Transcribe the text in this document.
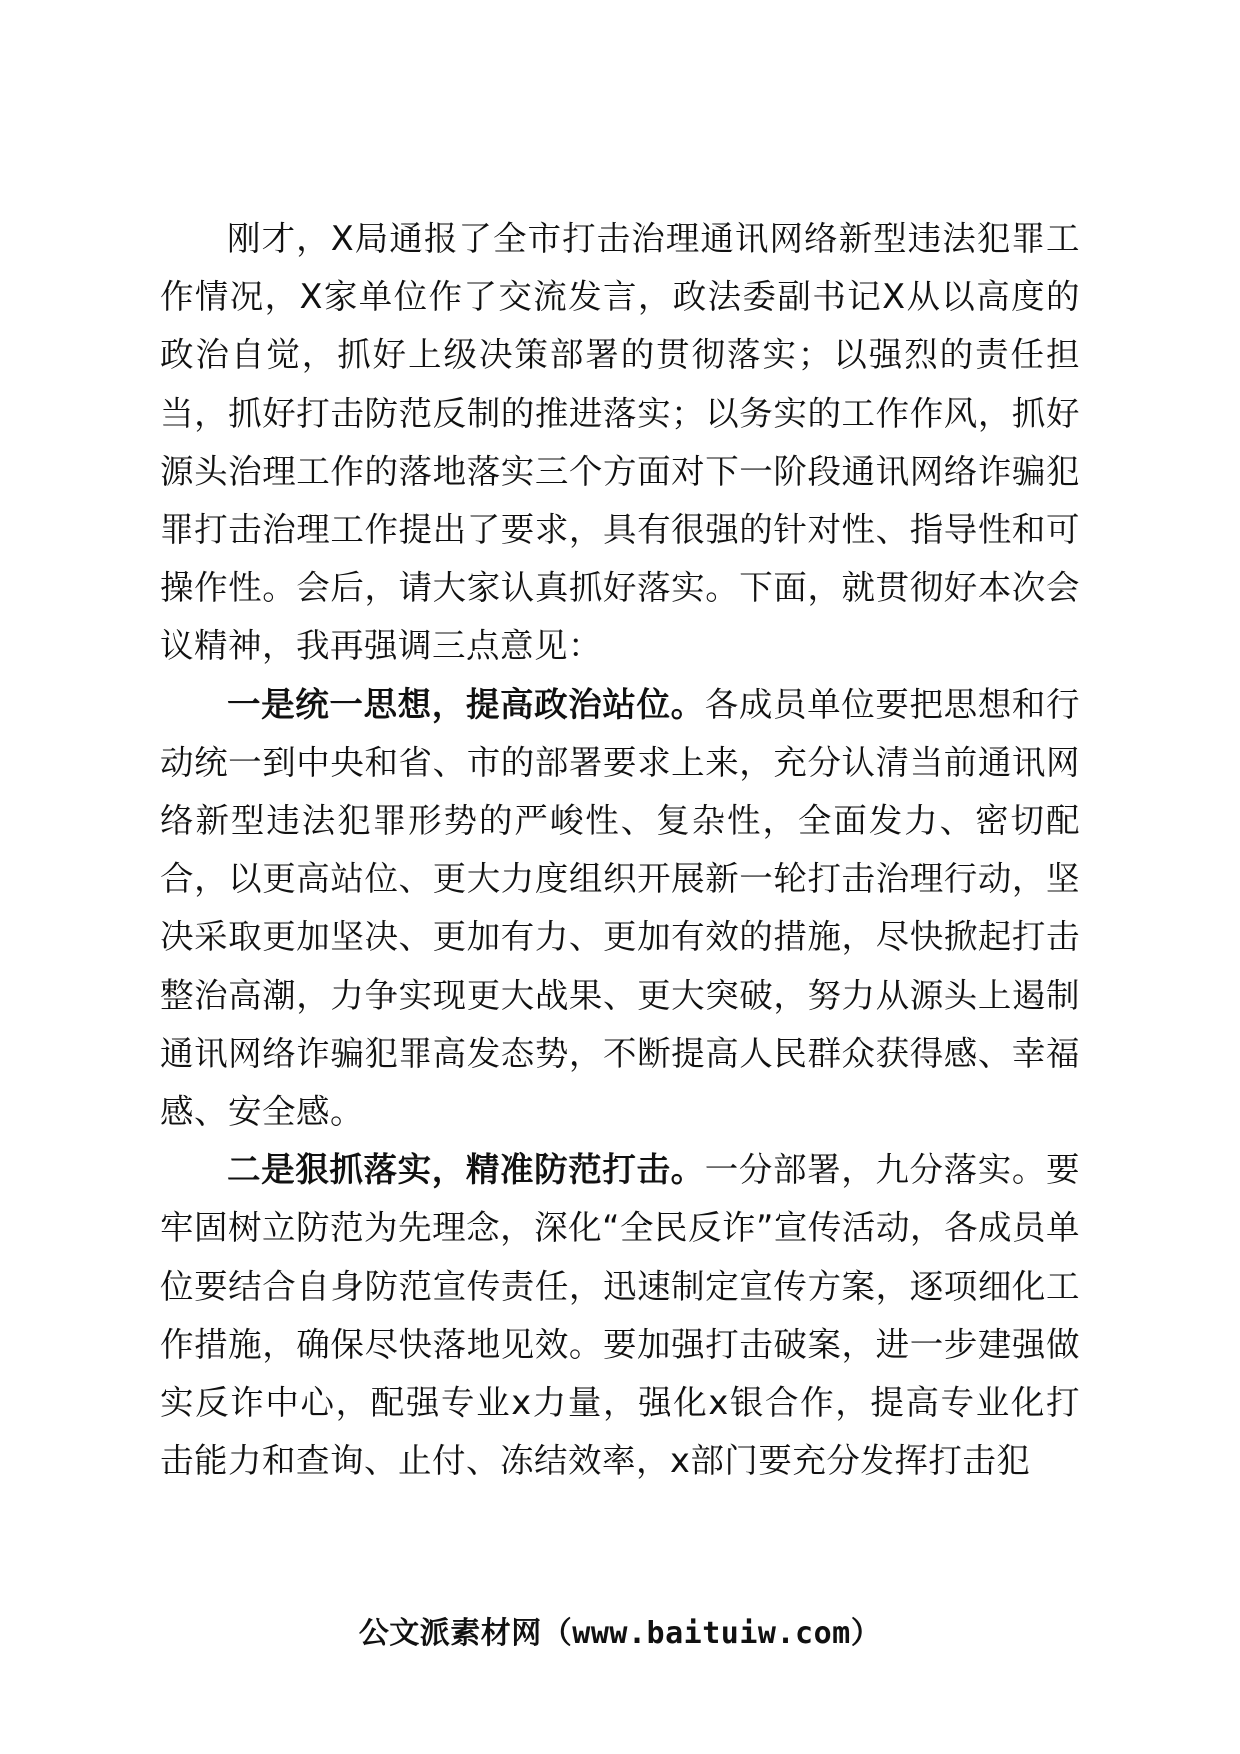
刚才，X局通报了全市打击治理通讯网络新型违法犯罪工作情况，X家单位作了交流发言，政法委副书记X从以高度的政治自觉，抓好上级决策部署的贯彻落实；以强烈的责任担当，抓好打击防范反制的推进落实；以务实的工作作风，抓好源头治理工作的落地落实三个方面对下一阶段通讯网络诈骗犯罪打击治理工作提出了要求，具有很强的针对性、指导性和可操作性。会后，请大家认真抓好落实。下面，就贯彻好本次会议精神，我再强调三点意见：

一是统一思想，提高政治站位。各成员单位要把思想和行动统一到中央和省、市的部署要求上来，充分认清当前通讯网络新型违法犯罪形势的严峻性、复杂性，全面发力、密切配合，以更高站位、更大力度组织开展新一轮打击治理行动，坚决采取更加坚决、更加有力、更加有效的措施，尽快掀起打击整治高潮，力争实现更大战果、更大突破，努力从源头上遏制通讯网络诈骗犯罪高发态势，不断提高人民群众获得感、幸福感、安全感。

二是狠抓落实，精准防范打击。一分部署，九分落实。要牢固树立防范为先理念，深化“全民反诈”宣传活动，各成员单位要结合自身防范宣传责任，迅速制定宣传方案，逐项细化工作措施，确保尽快落地见效。要加强打击破案，进一步建强做实反诈中心，配强专业x力量，强化x银合作，提高专业化打击能力和查询、止付、冻结效率，x部门要充分发挥打击犯

公文派素材网（www.baituiw.com）
